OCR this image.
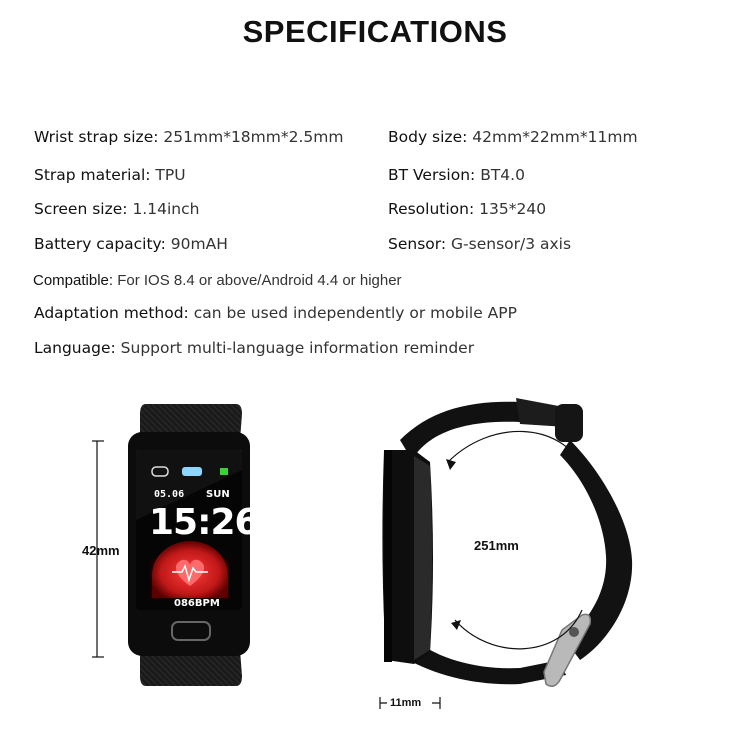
SPECIFICATIONS
Wrist strap size: 251mm*18mm*2.5mm
Strap material: TPU
Screen size: 1.14inch
Battery capacity: 90mAH
Compatible: For IOS 8.4 or above/Android 4.4 or higher
Adaptation method: can be used independently or mobile APP
Language: Support multi-language information reminder
Body size: 42mm*22mm*11mm
BT Version: BT4.0
Resolution: 135*240
Sensor: G-sensor/3 axis
42mm
05.06 SUN
15:26
086BPM
251mm
11mm
